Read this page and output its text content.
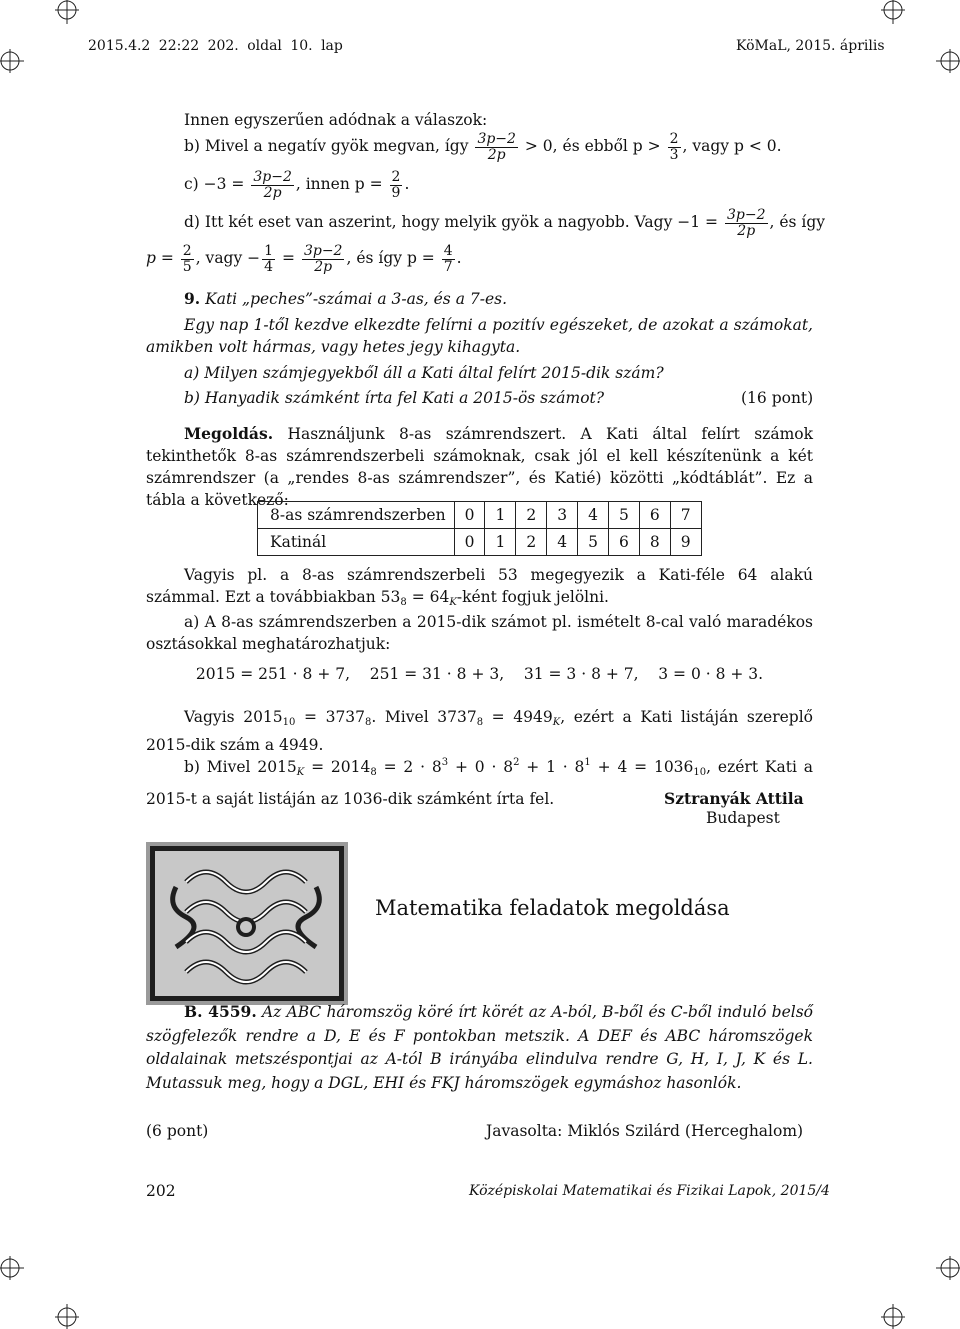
2015.4.2 22:22 202. oldal 10. lap	KöMaL, 2015. április
Innen egyszerűen adódnak a válaszok:
b) Mivel a negatív gyök megvan, így $\frac{3p-2}{2p} > 0$, és ebből $p > \frac{2}{3}$ , vagy p < 0.
$c) -3 = \frac{3p-2}{2p}$ , innen $p = \frac{2}{9}$ .
d) Itt két eset van aszerint, hogy melyik gyök a nagyobb. Vagy $-1 = \frac{3p-2}{2p}$ , és így
$p = \frac{2}{5}$ , vagy − $\frac{1}{4} = \frac{3p-2}{2p}$ , és így $p = \frac{4}{7}$ .
9. Kati „peches”-számai a 3-as, és a 7-es.
Egy nap 1-től kezdve elkezdte felírni a pozitív egészeket, de azokat a számokat, amikben volt hármas, vagy hetes jegy kihagyta.
a) Milyen számjegyekből áll a Kati által felírt 2015-dik szám?
b) Hanyadik számként írta fel Kati a 2015-ös számot?	(16 pont)
Megoldás. Használjunk 8-as számrendszert. A Kati által felírt számok tekinthetők 8-as számrendszerbeli számoknak, csak jól el kell készítenünk a két számrendszer (a „rendes 8-as számrendszer”, és Katié) közötti „kódtáblát”. Ez a tábla a következő:
8-as számrendszerben	0	1	2	3	4	5	6	7
Katinál	0	1	2	4	5	6	8	9
Vagyis pl. a 8-as számrendszerbeli 53 megegyezik a Kati-féle 64 alakú számmal. Ezt a továbbiakban $53_8$ = $64_K$-ként fogjuk jelölni.
a) A 8-as számrendszerben a 2015-dik számot pl. ismételt 8-cal való maradékos osztásokkal meghatározhatjuk:
2015 = 251 · 8 + 7,    251 = 31 · 8 + 3,    31 = 3 · 8 + 7,    3 = 0 · 8 + 3.
Vagyis $2015_{10} = 3737_8$. Mivel $3737_8 = 4949_K$, ezért a Kati listáján szereplő 2015-dik szám a 4949.
b) Mivel $2015_K = 2014_8 = 2 \cdot 8^3 + 0 \cdot 8^2 + 1 \cdot 8^1 + 4 = 1036_{10}$, ezért Kati a 2015-t a saját listáján az 1036-dik számként írta fel.	Sztranyák Attila
Budapest
Matematika feladatok megoldása
B. 4559. Az ABC háromszög köré írt körét az A-ból, B-ből és C-ből induló belső szögfelezők rendre a D, E és F pontokban metszik. A DEF és ABC háromszögek oldalainak metszéspontjai az A-tól B irányába elindulva rendre G, H, I, J, K és L. Mutassuk meg, hogy a DGL, EHI és FKJ háromszögek egymáshoz hasonlók.
(6 pont)	Javasolta: Miklós Szilárd (Herceghalom)
202	Középiskolai Matematikai és Fizikai Lapok, 2015/4
